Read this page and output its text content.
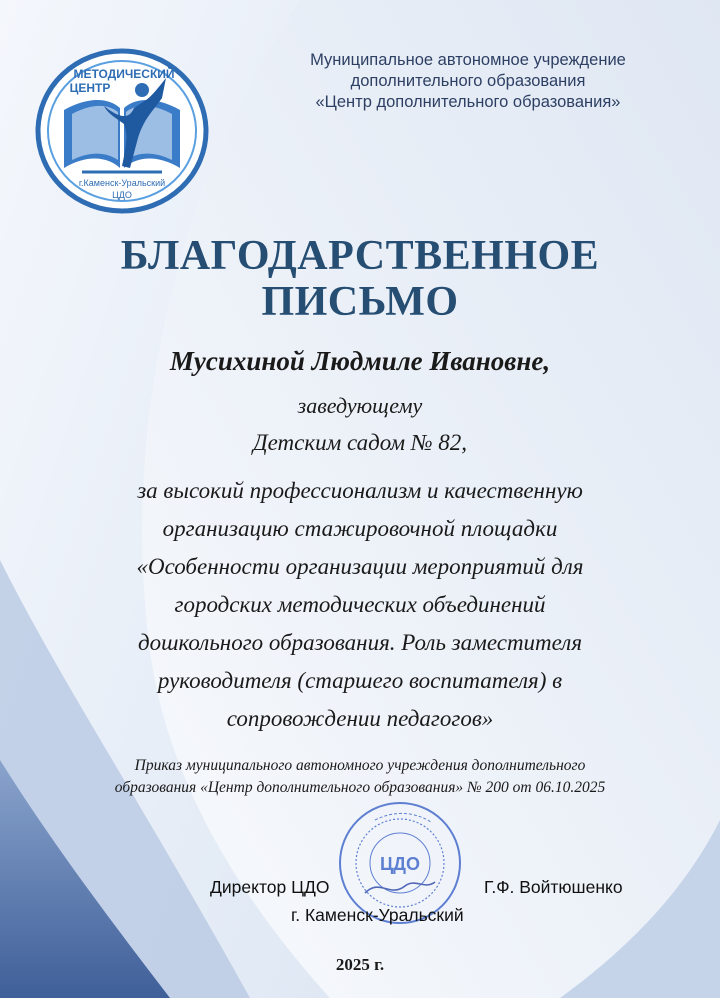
МЕТОДИЧЕСКИЙ
ЦЕНТР
г.Каменск-Уральский
ЦДО
Муниципальное автономное учреждение
дополнительного образования
«Центр дополнительного образования»
БЛАГОДАРСТВЕННОЕ
ПИСЬМО
Мусихиной Людмиле Ивановне,
заведующему
Детским садом № 82,
за высокий профессионализм и качественную
организацию стажировочной площадки
«Особенности организации мероприятий для
городских методических объединений
дошкольного образования. Роль заместителя
руководителя (старшего воспитателя) в
сопровождении педагогов»
Приказ муниципального автономного учреждения дополнительного
образования «Центр дополнительного образования» № 200 от 06.10.2025
ЦДО
Директор ЦДО	Г.Ф. Войтюшенко
г. Каменск-Уральский
2025 г.
